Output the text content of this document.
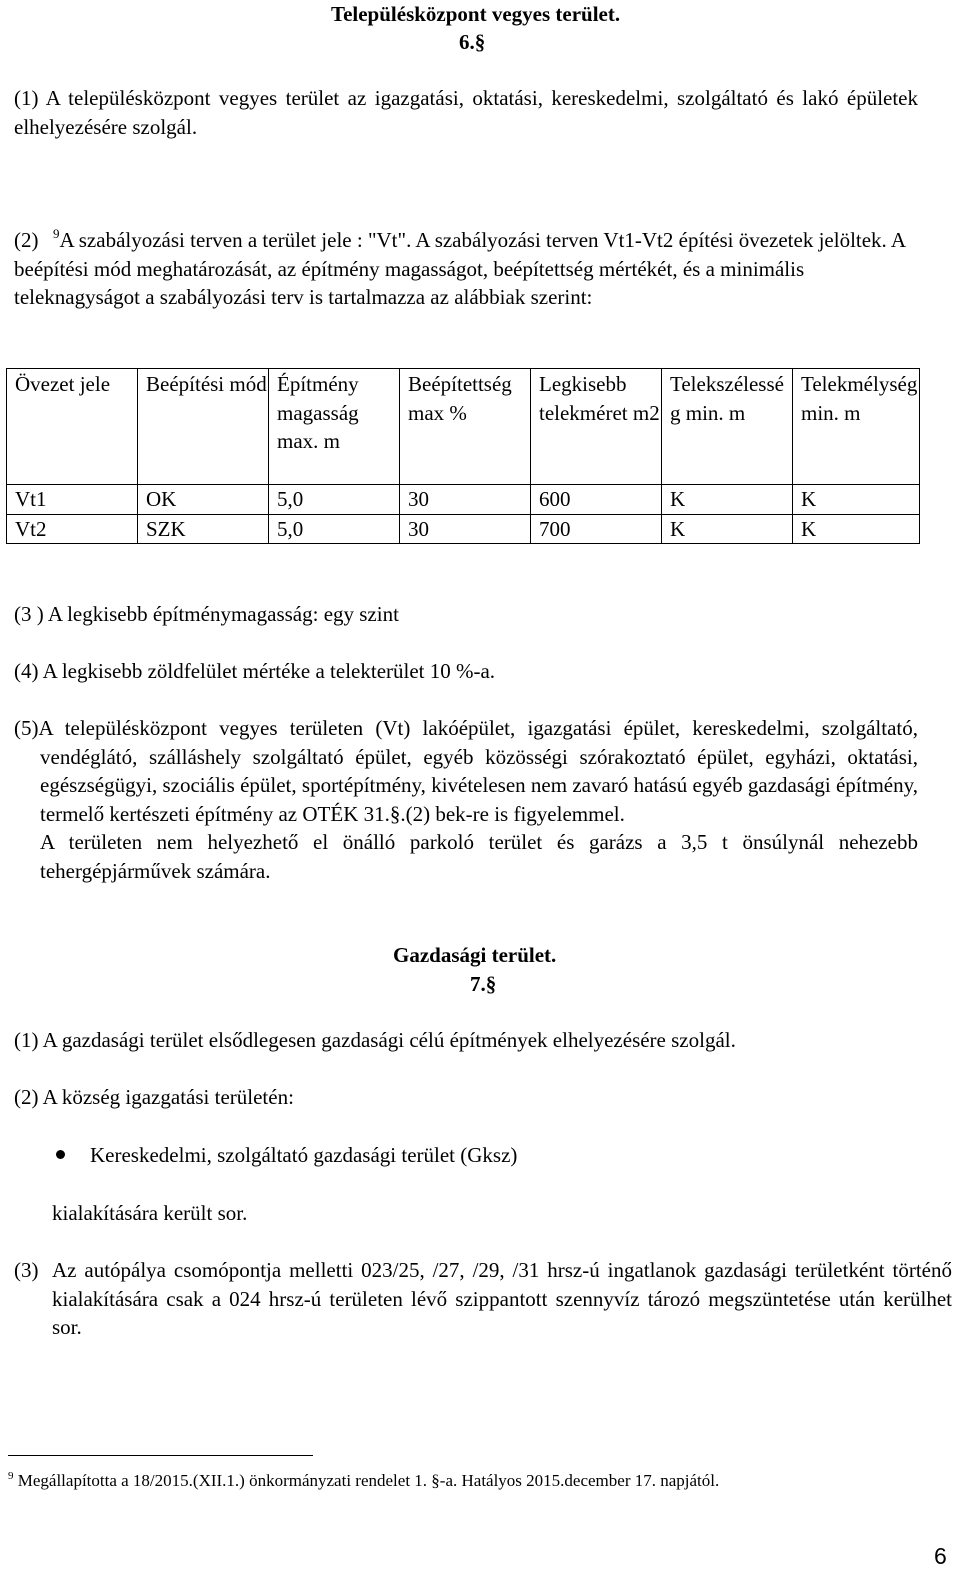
Településközpont vegyes terület.
6.§
(1) A településközpont vegyes terület az igazgatási, oktatási, kereskedelmi, szolgáltató és lakó épületek elhelyezésére szolgál.
(2)	$^9$A szabályozási terven a terület jele : "Vt". A szabályozási terven Vt1-Vt2 építési övezetek jelöltek. A beépítési mód meghatározását, az építmény magasságot, beépítettség mértékét, és a minimális teleknagyságot a szabályozási terv is tartalmazza az alábbiak szerint:
Övezet jele	Beépítési mód	Építmény magasság max. m	Beépítettség max %	Legkisebb telekméret m2	Telekszélesség min. m	Telekmélység min. m
Vt1	OK	5,0	30	600	K	K
Vt2	SZK	5,0	30	700	K	K
(3 ) A legkisebb építménymagasság: egy szint
(4) A legkisebb zöldfelület mértéke a telekterület 10 %-a.
(5)A településközpont vegyes területen (Vt) lakóépület, igazgatási épület, kereskedelmi, szolgáltató, vendéglátó, szálláshely szolgáltató épület, egyéb közösségi szórakoztató épület, egyházi, oktatási, egészségügyi, szociális épület, sportépítmény, kivételesen nem zavaró hatású egyéb gazdasági építmény, termelő kertészeti építmény az OTÉK 31.§.(2) bek-re is figyelemmel.
A területen nem helyezhető el önálló parkoló terület és garázs a 3,5 t önsúlynál nehezebb tehergépjárművek számára.
Gazdasági terület.
7.§
(1) A gazdasági terület elsődlegesen gazdasági célú építmények elhelyezésére szolgál.
(2) A község igazgatási területén:
Kereskedelmi, szolgáltató gazdasági terület (Gksz)
kialakítására került sor.
(3) Az autópálya csomópontja melletti 023/25, /27, /29, /31 hrsz-ú ingatlanok gazdasági területként történő kialakítására csak a 024 hrsz-ú területen lévő szippantott szennyvíz tározó megszüntetése után kerülhet sor.
$^9$ Megállapította a 18/2015.(XII.1.) önkormányzati rendelet 1. §-a. Hatályos 2015.december 17. napjától.
6
